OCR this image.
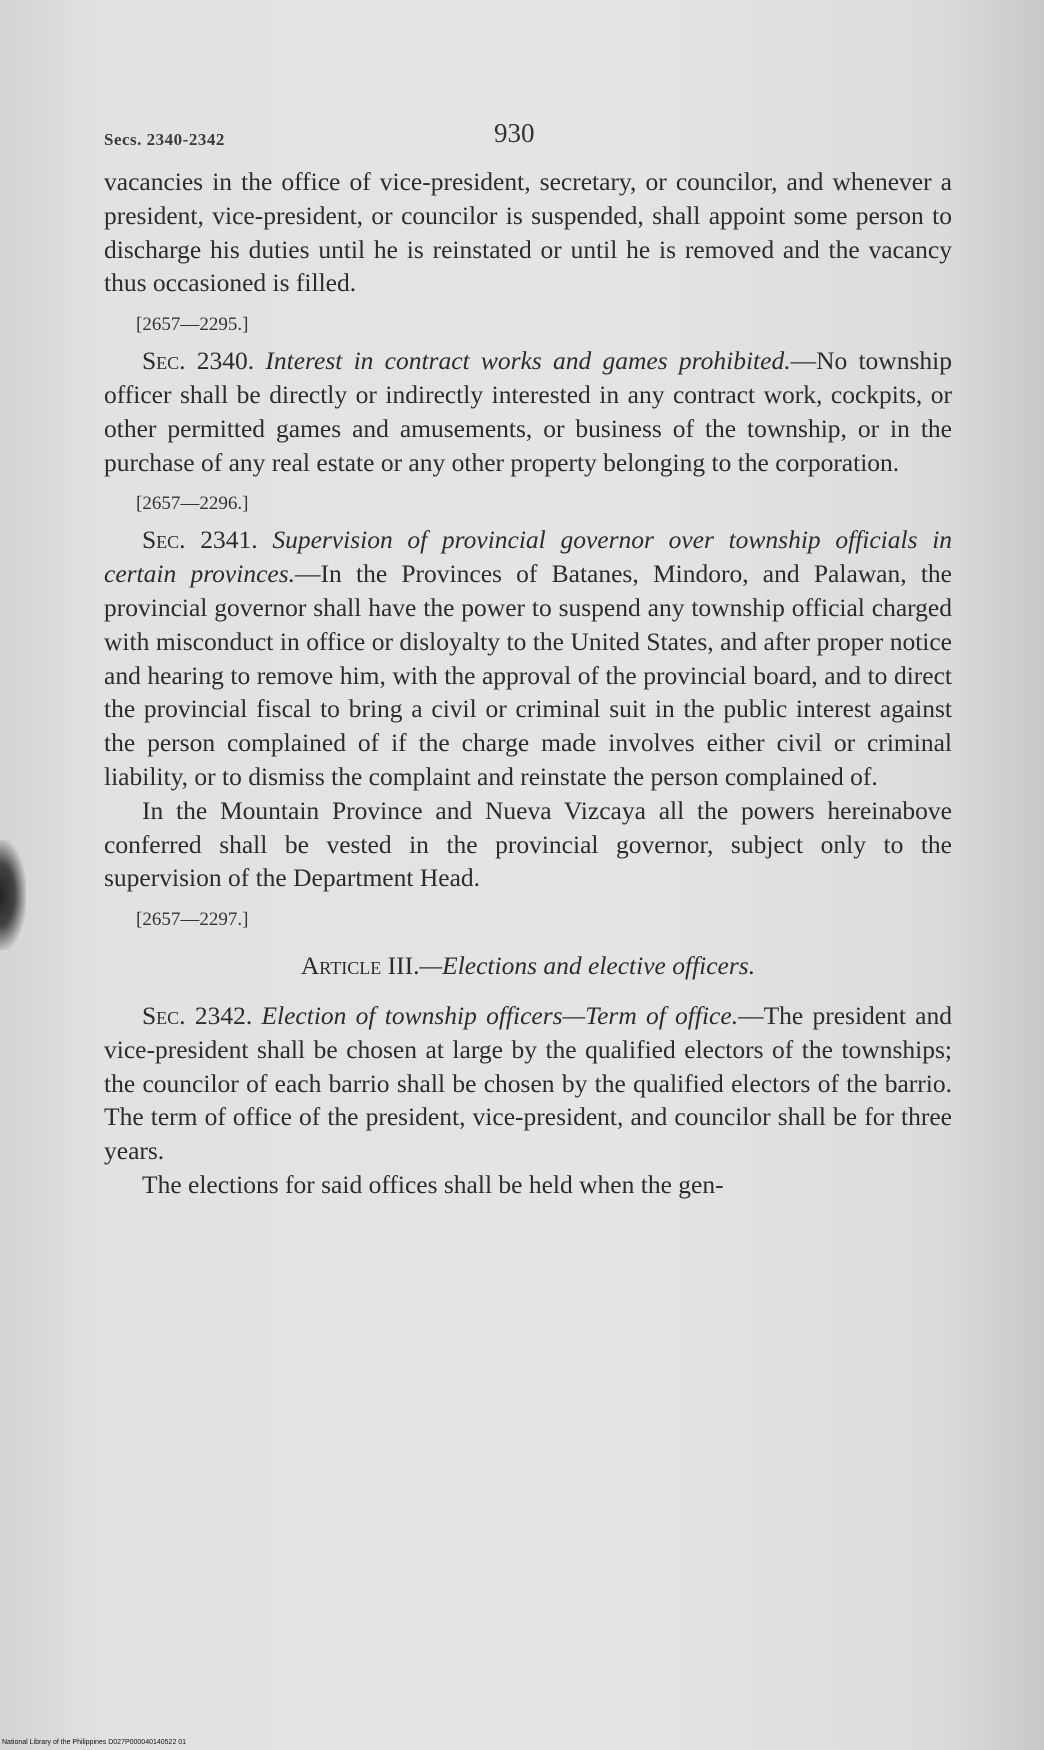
Secs. 2340-2342	930

vacancies in the office of vice-president, secretary, or councilor, and whenever a president, vice-president, or councilor is suspended, shall appoint some person to discharge his duties until he is reinstated or until he is removed and the vacancy thus occasioned is filled.

[2657—2295.]

Sec. 2340. Interest in contract works and games prohibited.—No township officer shall be directly or indirectly interested in any contract work, cockpits, or other permitted games and amusements, or business of the township, or in the purchase of any real estate or any other property belonging to the corporation.

[2657—2296.]

Sec. 2341. Supervision of provincial governor over township officials in certain provinces.—In the Provinces of Batanes, Mindoro, and Palawan, the provincial governor shall have the power to suspend any township official charged with misconduct in office or disloyalty to the United States, and after proper notice and hearing to remove him, with the approval of the provincial board, and to direct the provincial fiscal to bring a civil or criminal suit in the public interest against the person complained of if the charge made involves either civil or criminal liability, or to dismiss the complaint and reinstate the person complained of.

In the Mountain Province and Nueva Vizcaya all the powers hereinabove conferred shall be vested in the provincial governor, subject only to the supervision of the Department Head.

[2657—2297.]
Article III.—Elections and elective officers.

Sec. 2342. Election of township officers—Term of office.—The president and vice-president shall be chosen at large by the qualified electors of the townships; the councilor of each barrio shall be chosen by the qualified electors of the barrio. The term of office of the president, vice-president, and councilor shall be for three years.

The elections for said offices shall be held when the gen-

National Library of the Philippines D027P000040140522 01
